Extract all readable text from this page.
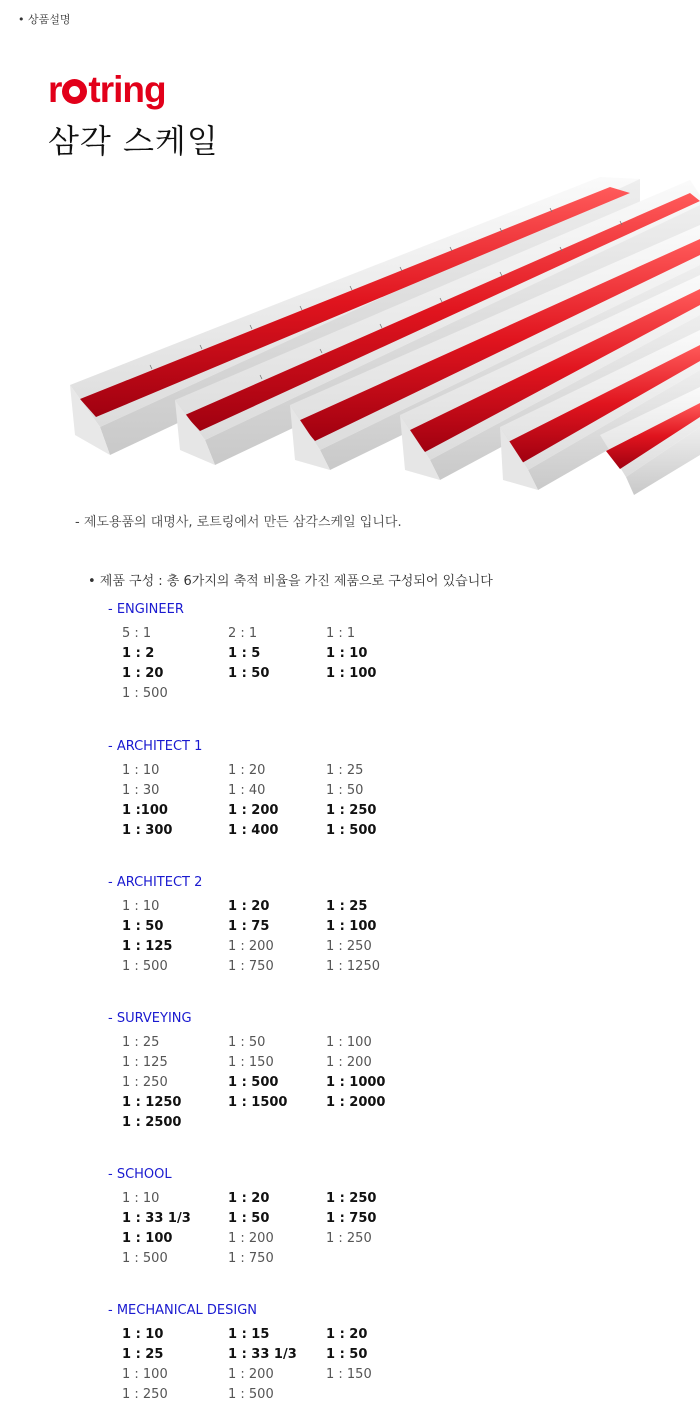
• 상품설명
r tring
삼각 스케일
- 제도용품의 대명사, 로트링에서 만든 삼각스케일 입니다.
• 제품 구성 : 총 6가지의 축적 비율을 가진 제품으로 구성되어 있습니다
- ENGINEER
5 : 1	2 : 1	1 : 1
1 : 2	1 : 5	1 : 10
1 : 20	1 : 50	1 : 100
1 : 500
- ARCHITECT 1
1 : 10	1 : 20	1 : 25
1 : 30	1 : 40	1 : 50
1 :100	1 : 200	1 : 250
1 : 300	1 : 400	1 : 500
- ARCHITECT 2
1 : 10	1 : 20	1 : 25
1 : 50	1 : 75	1 : 100
1 : 125	1 : 200	1 : 250
1 : 500	1 : 750	1 : 1250
- SURVEYING
1 : 25	1 : 50	1 : 100
1 : 125	1 : 150	1 : 200
1 : 250	1 : 500	1 : 1000
1 : 1250	1 : 1500	1 : 2000
1 : 2500
- SCHOOL
1 : 10	1 : 20	1 : 250
1 : 33 1/3	1 : 50	1 : 750
1 : 100	1 : 200	1 : 250
1 : 500	1 : 750
- MECHANICAL DESIGN
1 : 10	1 : 15	1 : 20
1 : 25	1 : 33 1/3	1 : 50
1 : 100	1 : 200	1 : 150
1 : 250	1 : 500
